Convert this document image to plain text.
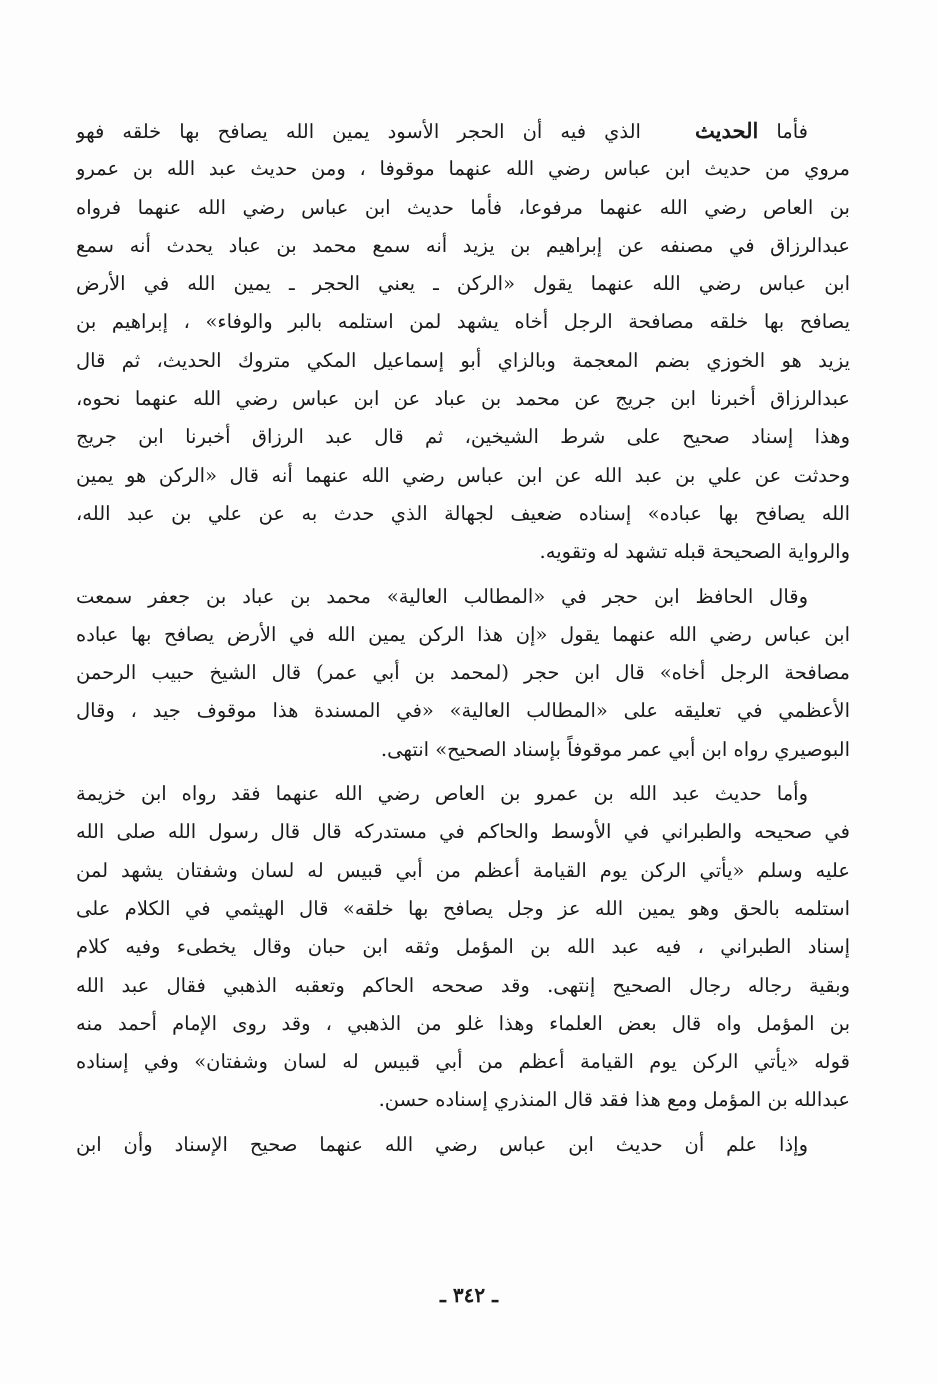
فأما الحديث   الذي فيه أن الحجر الأسود يمين الله يصافح بها خلقه فهو
مروي من حديث ابن عباس رضي الله عنهما موقوفا ، ومن حديث عبد الله بن عمرو
بن العاص رضي الله عنهما مرفوعا، فأما حديث ابن عباس رضي الله عنهما فرواه
عبدالرزاق في مصنفه عن إبراهيم بن يزيد أنه سمع محمد بن عباد يحدث أنه سمع
ابن عباس رضي الله عنهما يقول «الركن ـ يعني الحجر ـ يمين الله في الأرض
يصافح بها خلقه مصافحة الرجل أخاه يشهد لمن استلمه بالبر والوفاء» ، إبراهيم بن
يزيد هو الخوزي بضم المعجمة وبالزاي أبو إسماعيل المكي متروك الحديث، ثم قال
عبدالرزاق أخبرنا ابن جريج عن محمد بن عباد عن ابن عباس رضي الله عنهما نحوه،
وهذا إسناد صحيح على شرط الشيخين، ثم قال عبد الرزاق أخبرنا ابن جريج
وحدثت عن علي بن عبد الله عن ابن عباس رضي الله عنهما أنه قال «الركن هو يمين
الله يصافح بها عباده» إسناده ضعيف لجهالة الذي حدث به عن علي بن عبد الله،
والرواية الصحيحة قبله تشهد له وتقويه.
وقال الحافظ ابن حجر في «المطالب العالية» محمد بن عباد بن جعفر سمعت
ابن عباس رضي الله عنهما يقول «إن هذا الركن يمين الله في الأرض يصافح بها عباده
مصافحة الرجل أخاه» قال ابن حجر (لمحمد بن أبي عمر) قال الشيخ حبيب الرحمن
الأعظمي في تعليقه على «المطالب العالية» «في المسندة هذا موقوف جيد ، وقال
البوصيري رواه ابن أبي عمر موقوفاً بإسناد الصحيح» انتهى.
وأما حديث عبد الله بن عمرو بن العاص رضي الله عنهما فقد رواه ابن خزيمة
في صحيحه والطبراني في الأوسط والحاكم في مستدركه قال قال رسول الله صلى الله
عليه وسلم «يأتي الركن يوم القيامة أعظم من أبي قبيس له لسان وشفتان يشهد لمن
استلمه بالحق وهو يمين الله عز وجل يصافح بها خلقه» قال الهيثمي في الكلام على
إسناد الطبراني ، فيه عبد الله بن المؤمل وثقه ابن حبان وقال يخطىء وفيه كلام
وبقية رجاله رجال الصحيح إنتهى. وقد صححه الحاكم وتعقبه الذهبي فقال عبد الله
بن المؤمل واه قال بعض العلماء وهذا غلو من الذهبي ، وقد روى الإمام أحمد منه
قوله «يأتي الركن يوم القيامة أعظم من أبي قبيس له لسان وشفتان» وفي إسناده
عبدالله بن المؤمل ومع هذا فقد قال المنذري إسناده حسن.
وإذا علم أن حديث ابن عباس رضي الله عنهما صحيح الإسناد وأن ابن
ـ ٣٤٢ ـ
